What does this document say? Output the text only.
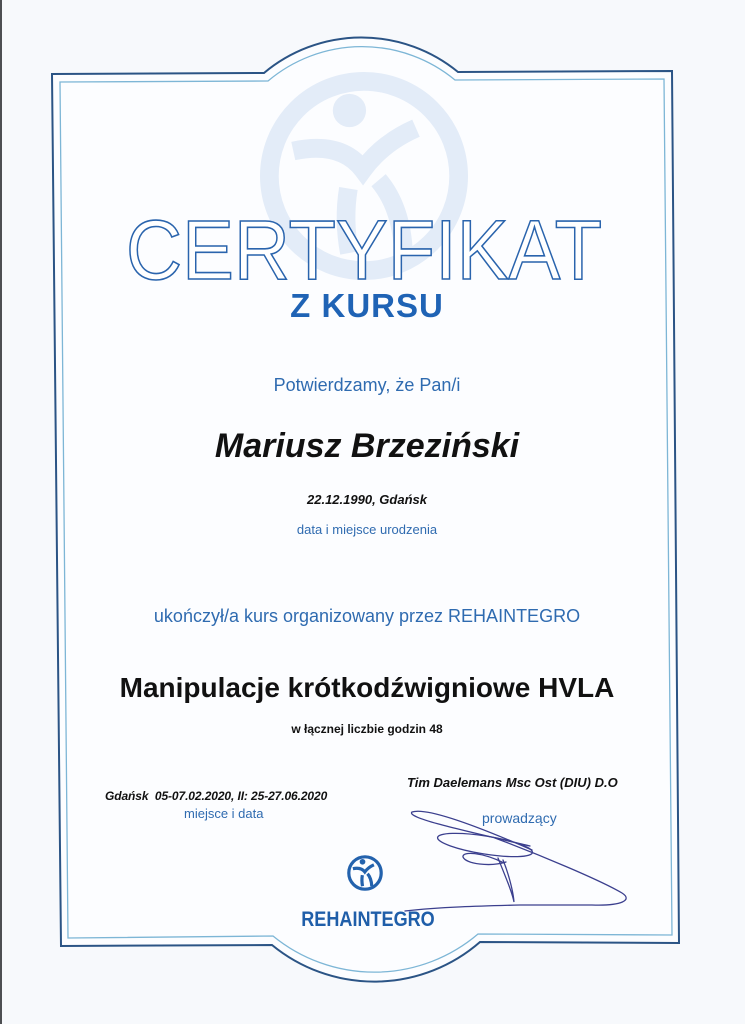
CERTYFIKAT
Z KURSU
Potwierdzamy, że Pan/i
Mariusz Brzeziński
22.12.1990, Gdańsk
data i miejsce urodzenia
ukończył/a kurs organizowany przez REHAINTEGRO
Manipulacje krótkodźwigniowe HVLA
w łącznej liczbie godzin 48
Gdańsk  05-07.02.2020, II: 25-27.06.2020
miejsce i data
Tim Daelemans Msc Ost (DIU) D.O
prowadzący
REHAINTEGRO
